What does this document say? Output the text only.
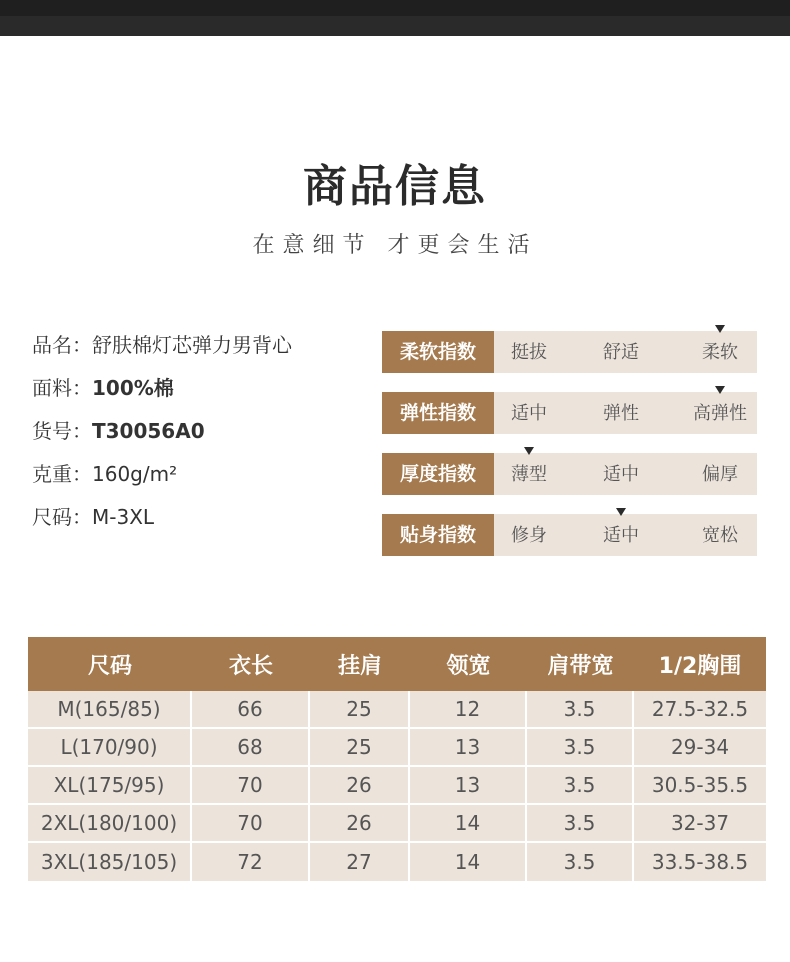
商品信息
在意细节 才更会生活
品名：舒肤棉灯芯弹力男背心
面料：100%棉
货号：T30056A0
克重：160g/m²
尺码：M-3XL
柔软指数	挺拔	舒适	柔软
弹性指数	适中	弹性	高弹性
厚度指数	薄型	适中	偏厚
贴身指数	修身	适中	宽松
尺码	衣长	挂肩	领宽	肩带宽	1/2胸围
M(165/85)	66	25	12	3.5	27.5-32.5
L(170/90)	68	25	13	3.5	29-34
XL(175/95)	70	26	13	3.5	30.5-35.5
2XL(180/100)	70	26	14	3.5	32-37
3XL(185/105)	72	27	14	3.5	33.5-38.5
